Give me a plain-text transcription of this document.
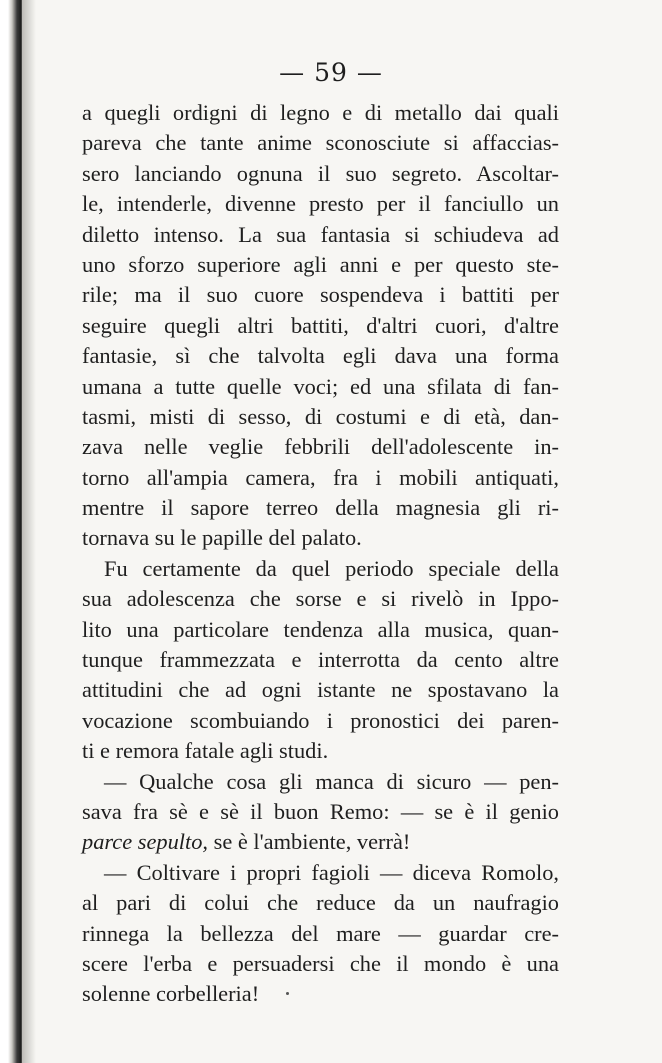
— 59 —
a quegli ordigni di legno e di metallo dai quali
pareva che tante anime sconosciute si affaccias-
sero lanciando ognuna il suo segreto. Ascoltar-
le, intenderle, divenne presto per il fanciullo un
diletto intenso. La sua fantasia si schiudeva ad
uno sforzo superiore agli anni e per questo ste-
rile; ma il suo cuore sospendeva i battiti per
seguire quegli altri battiti, d'altri cuori, d'altre
fantasie, sì che talvolta egli dava una forma
umana a tutte quelle voci; ed una sfilata di fan-
tasmi, misti di sesso, di costumi e di età, dan-
zava nelle veglie febbrili dell'adolescente in-
torno all'ampia camera, fra i mobili antiquati,
mentre il sapore terreo della magnesia gli ri-
tornava su le papille del palato.
Fu certamente da quel periodo speciale della
sua adolescenza che sorse e si rivelò in Ippo-
lito una particolare tendenza alla musica, quan-
tunque frammezzata e interrotta da cento altre
attitudini che ad ogni istante ne spostavano la
vocazione scombuiando i pronostici dei paren-
ti e remora fatale agli studi.
— Qualche cosa gli manca di sicuro — pen-
sava fra sè e sè il buon Remo: — se è il genio
parce sepulto, se è l'ambiente, verrà!
— Coltivare i propri fagioli — diceva Romolo,
al pari di colui che reduce da un naufragio
rinnega la bellezza del mare — guardar cre-
scere l'erba e persuadersi che il mondo è una
solenne corbelleria!
